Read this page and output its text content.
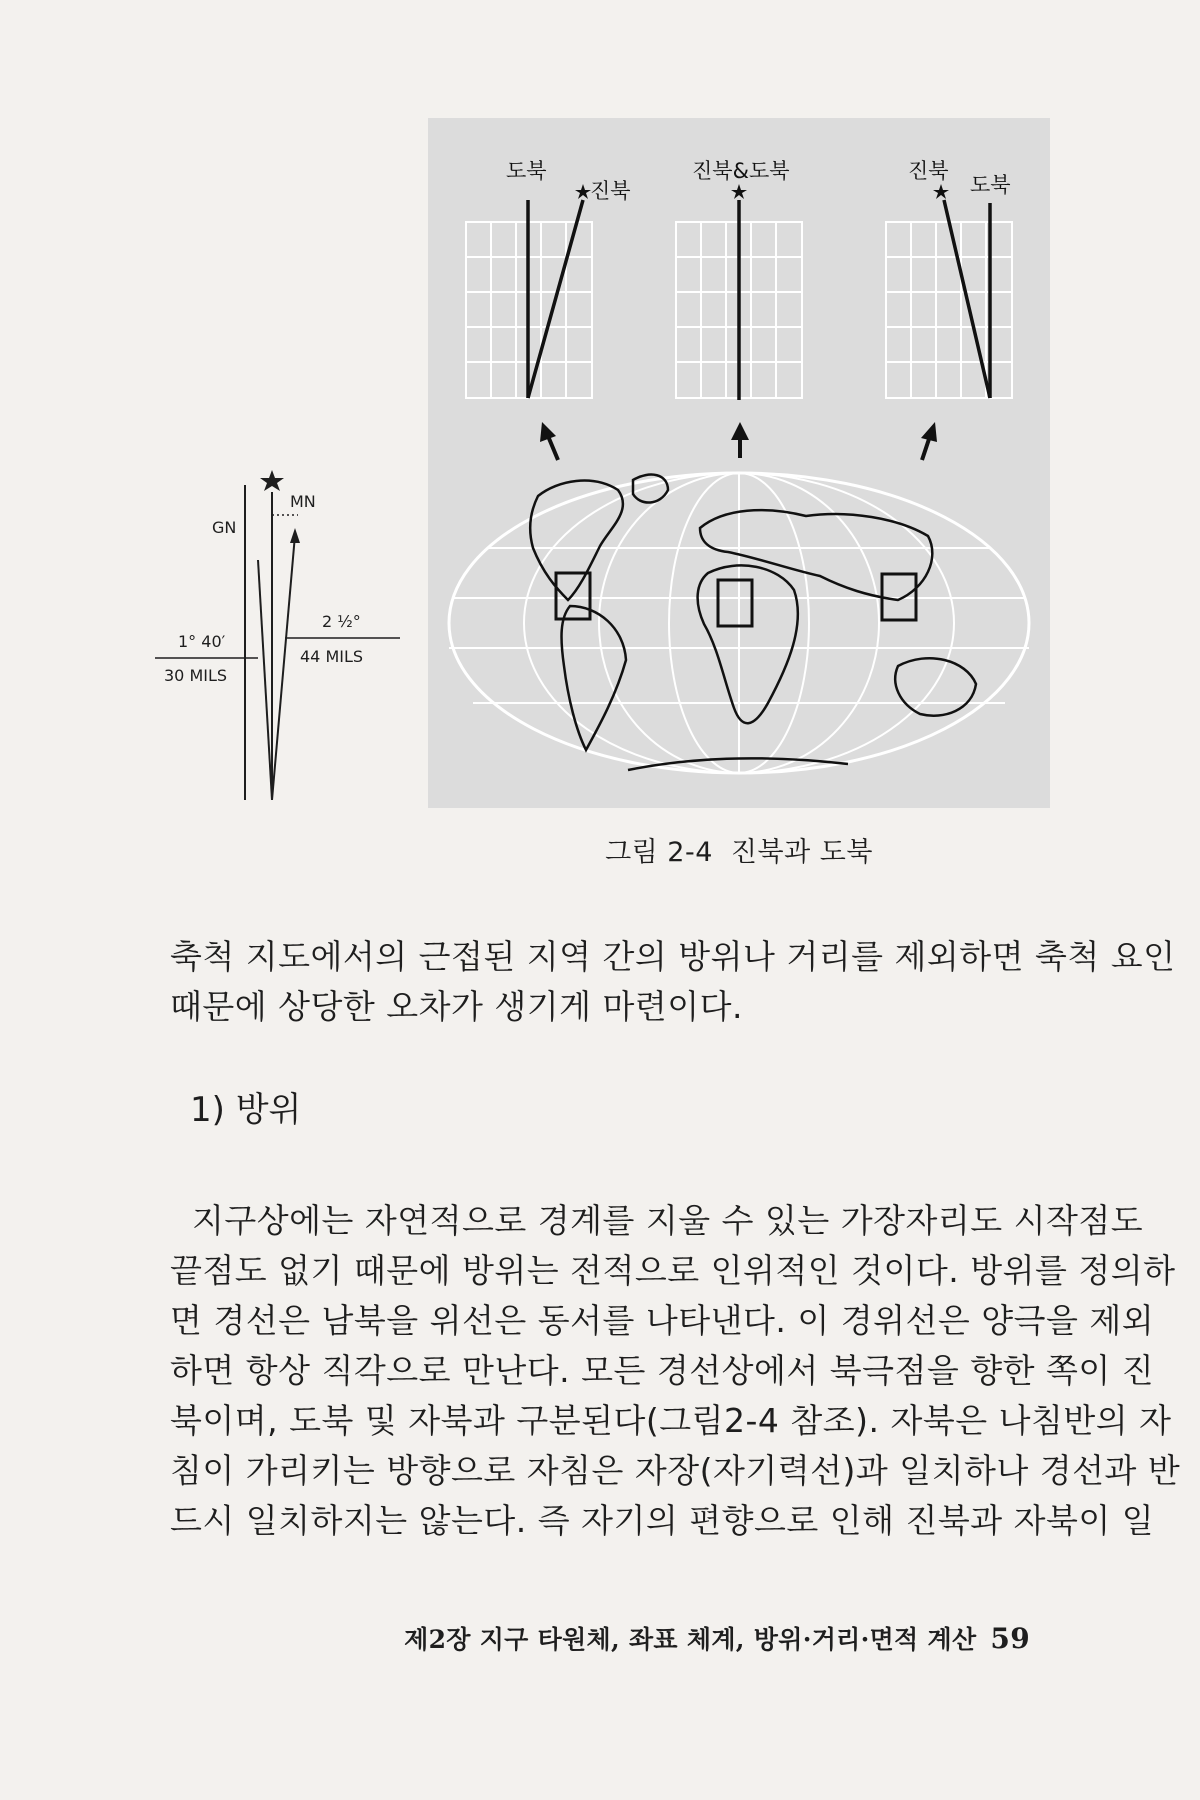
GN
MN
1° 40′
30 MILS
2 ½°
44 MILS
도북
진북
진북&도북	진북
도북
그림 2-4 진북과 도북
축척 지도에서의 근접된 지역 간의 방위나 거리를 제외하면 축척 요인
때문에 상당한 오차가 생기게 마련이다.
1) 방위
지구상에는 자연적으로 경계를 지울 수 있는 가장자리도 시작점도
끝점도 없기 때문에 방위는 전적으로 인위적인 것이다. 방위를 정의하
면 경선은 남북을 위선은 동서를 나타낸다. 이 경위선은 양극을 제외
하면 항상 직각으로 만난다. 모든 경선상에서 북극점을 향한 쪽이 진
북이며, 도북 및 자북과 구분된다(그림2-4 참조). 자북은 나침반의 자
침이 가리키는 방향으로 자침은 자장(자기력선)과 일치하나 경선과 반
드시 일치하지는 않는다. 즉 자기의 편향으로 인해 진북과 자북이 일
제2장 지구 타원체, 좌표 체계, 방위·거리·면적 계산 59
